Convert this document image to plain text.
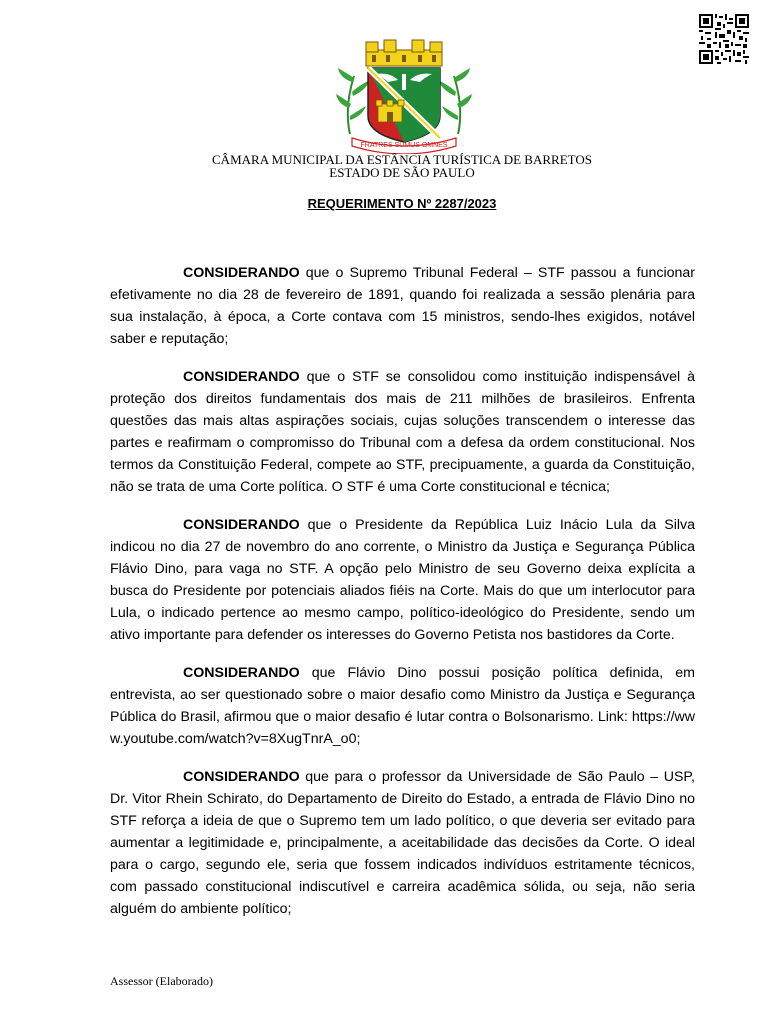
FRATRES SUMUS OMNES
CÂMARA MUNICIPAL DA ESTÂNCIA TURÍSTICA DE BARRETOS
ESTADO DE SÃO PAULO
REQUERIMENTO Nº 2287/2023

CONSIDERANDO que o Supremo Tribunal Federal – STF passou a funcionar efetivamente no dia 28 de fevereiro de 1891, quando foi realizada a sessão plenária para sua instalação, à época, a Corte contava com 15 ministros, sendo-lhes exigidos, notável saber e reputação;

CONSIDERANDO que o STF se consolidou como instituição indispensável à proteção dos direitos fundamentais dos mais de 211 milhões de brasileiros. Enfrenta questões das mais altas aspirações sociais, cujas soluções transcendem o interesse das partes e reafirmam o compromisso do Tribunal com a defesa da ordem constitucional. Nos termos da Constituição Federal, compete ao STF, precipuamente, a guarda da Constituição, não se trata de uma Corte política. O STF é uma Corte constitucional e técnica;

CONSIDERANDO que o Presidente da República Luiz Inácio Lula da Silva indicou no dia 27 de novembro do ano corrente, o Ministro da Justiça e Segurança Pública Flávio Dino, para vaga no STF. A opção pelo Ministro de seu Governo deixa explícita a busca do Presidente por potenciais aliados fiéis na Corte. Mais do que um interlocutor para Lula, o indicado pertence ao mesmo campo, político-ideológico do Presidente, sendo um ativo importante para defender os interesses do Governo Petista nos bastidores da Corte.

CONSIDERANDO que Flávio Dino possui posição política definida, em entrevista, ao ser questionado sobre o maior desafio como Ministro da Justiça e Segurança Pública do Brasil, afirmou que o maior desafio é lutar contra o Bolsonarismo. Link: https://www.youtube.com/watch?v=8XugTnrA_o0;

CONSIDERANDO que para o professor da Universidade de São Paulo – USP, Dr. Vitor Rhein Schirato, do Departamento de Direito do Estado, a entrada de Flávio Dino no STF reforça a ideia de que o Supremo tem um lado político, o que deveria ser evitado para aumentar a legitimidade e, principalmente, a aceitabilidade das decisões da Corte. O ideal para o cargo, segundo ele, seria que fossem indicados indivíduos estritamente técnicos, com passado constitucional indiscutível e carreira acadêmica sólida, ou seja, não seria alguém do ambiente político;

Assessor (Elaborado)
